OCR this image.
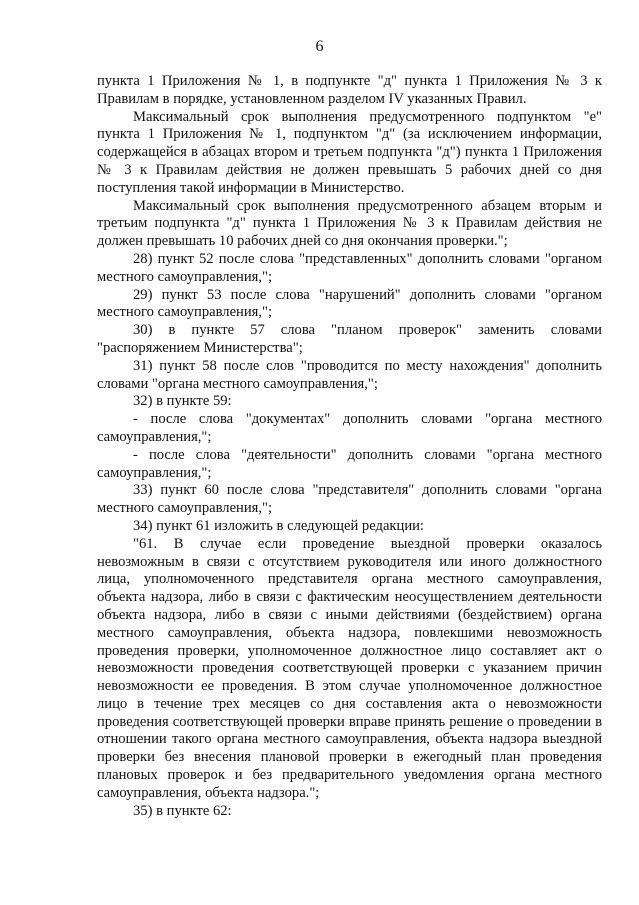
6

пункта 1 Приложения № 1, в подпункте "д" пункта 1 Приложения № 3 к Правилам в порядке, установленном разделом IV указанных Правил.

Максимальный срок выполнения предусмотренного подпунктом "е" пункта 1 Приложения № 1, подпунктом "д" (за исключением информации, содержащейся в абзацах втором и третьем подпункта "д") пункта 1 Приложения № 3 к Правилам действия не должен превышать 5 рабочих дней со дня поступления такой информации в Министерство.

Максимальный срок выполнения предусмотренного абзацем вторым и третьим подпункта "д" пункта 1 Приложения № 3 к Правилам действия не должен превышать 10 рабочих дней со дня окончания проверки.";

28) пункт 52 после слова "представленных" дополнить словами "органом местного самоуправления,";

29) пункт 53 после слова "нарушений" дополнить словами "органом местного самоуправления,";

30) в пункте 57 слова "планом проверок" заменить словами "распоряжением Министерства";

31) пункт 58 после слов "проводится по месту нахождения" дополнить словами "органа местного самоуправления,";

32) в пункте 59:

- после слова "документах" дополнить словами "органа местного самоуправления,";

- после слова "деятельности" дополнить словами "органа местного самоуправления,";

33) пункт 60 после слова "представителя" дополнить словами "органа местного самоуправления,";

34) пункт 61 изложить в следующей редакции:

"61. В случае если проведение выездной проверки оказалось невозможным в связи с отсутствием руководителя или иного должностного лица, уполномоченного представителя органа местного самоуправления, объекта надзора, либо в связи с фактическим неосуществлением деятельности объекта надзора, либо в связи с иными действиями (бездействием) органа местного самоуправления, объекта надзора, повлекшими невозможность проведения проверки, уполномоченное должностное лицо составляет акт о невозможности проведения соответствующей проверки с указанием причин невозможности ее проведения. В этом случае уполномоченное должностное лицо в течение трех месяцев со дня составления акта о невозможности проведения соответствующей проверки вправе принять решение о проведении в отношении такого органа местного самоуправления, объекта надзора выездной проверки без внесения плановой проверки в ежегодный план проведения плановых проверок и без предварительного уведомления органа местного самоуправления, объекта надзора.";

35) в пункте 62:
